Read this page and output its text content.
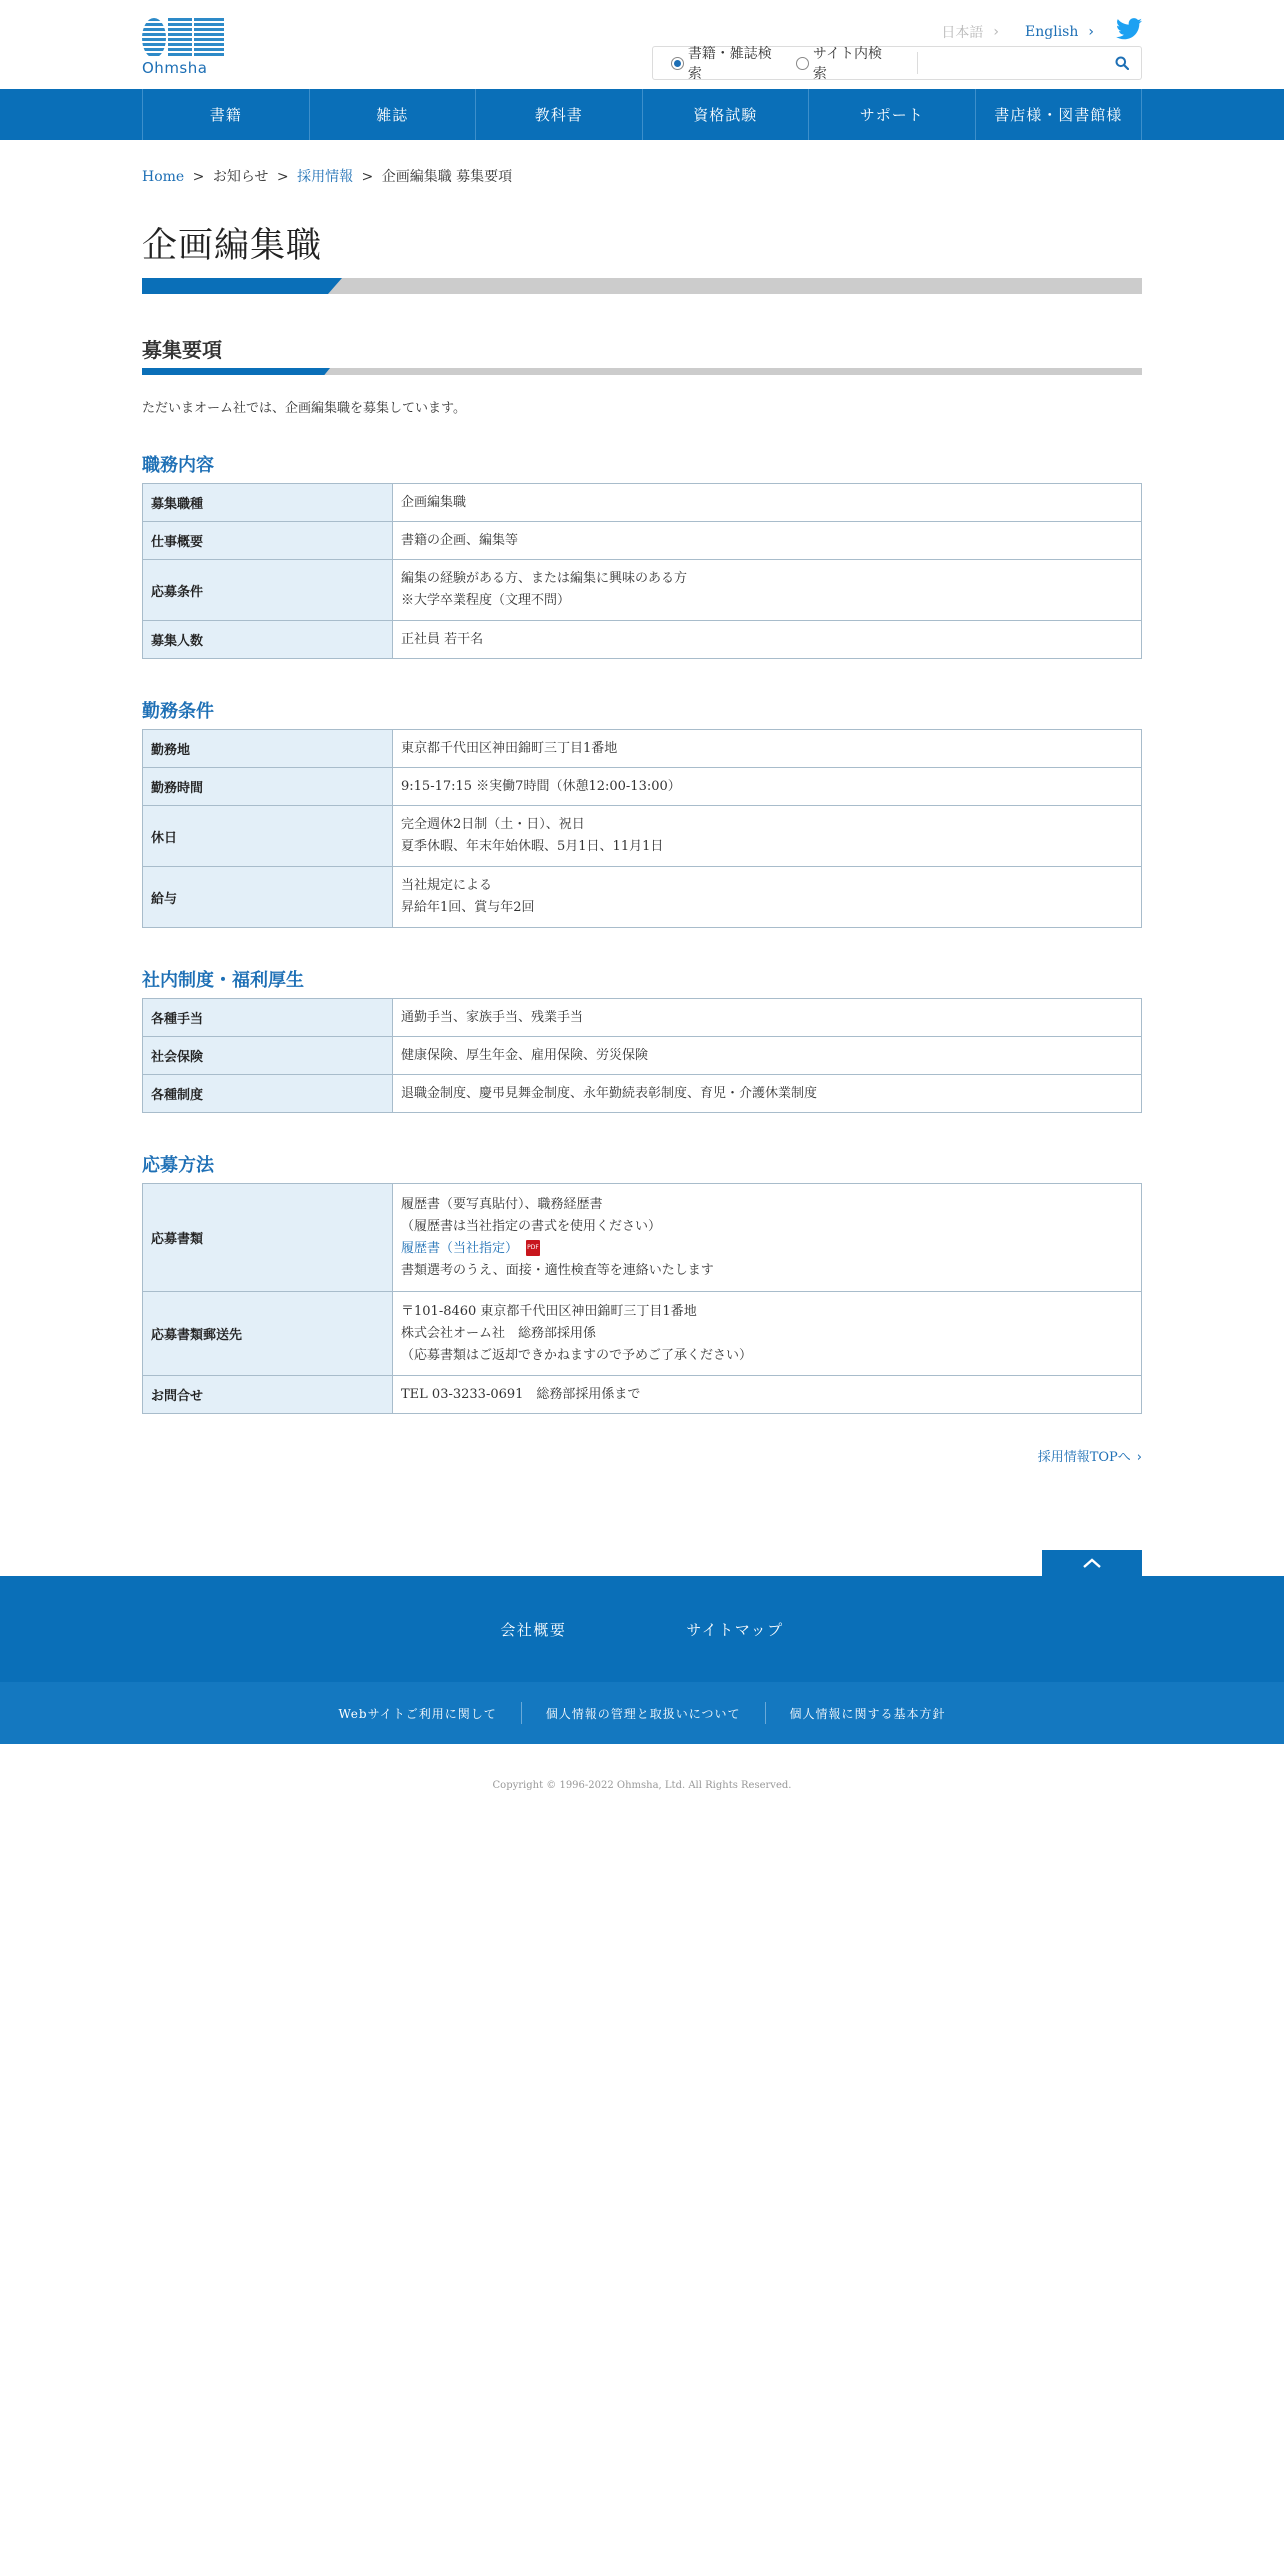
Ohmsha
日本語 › English ›
書籍・雑誌検索
サイト内検索
書籍	雑誌	教科書	資格試験	サポート	書店様・図書館様
Home > お知らせ > 採用情報 > 企画編集職 募集要項
企画編集職
募集要項

ただいまオーム社では、企画編集職を募集しています。

職務内容
募集職種	企画編集職
仕事概要	書籍の企画、編集等
応募条件	編集の経験がある方、または編集に興味のある方
※大学卒業程度（文理不問）

募集人数	正社員 若干名
勤務条件
勤務地	東京都千代田区神田錦町三丁目1番地
勤務時間	9:15-17:15 ※実働7時間（休憩12:00-13:00）
休日	完全週休2日制（土・日）、祝日
夏季休暇、年末年始休暇、5月1日、11月1日

給与	当社規定による
昇給年1回、賞与年2回
社内制度・福利厚生
各種手当	通勤手当、家族手当、残業手当
社会保険	健康保険、厚生年金、雇用保険、労災保険
各種制度	退職金制度、慶弔見舞金制度、永年勤続表彰制度、育児・介護休業制度
応募方法
応募書類	履歴書（要写真貼付）、職務経歴書
（履歴書は当社指定の書式を使用ください）
履歴書（当社指定） PDF
書類選考のうえ、面接・適性検査等を連絡いたします

応募書類郵送先	〒101-8460 東京都千代田区神田錦町三丁目1番地
株式会社オーム社　総務部採用係
（応募書類はご返却できかねますので予めご了承ください）

お問合せ	TEL 03-3233-0691　総務部採用係まで
採用情報TOPへ ›
会社概要	サイトマップ
Webサイトご利用に関して	個人情報の管理と取扱いについて	個人情報に関する基本方針
Copyright © 1996-2022 Ohmsha, Ltd. All Rights Reserved.
